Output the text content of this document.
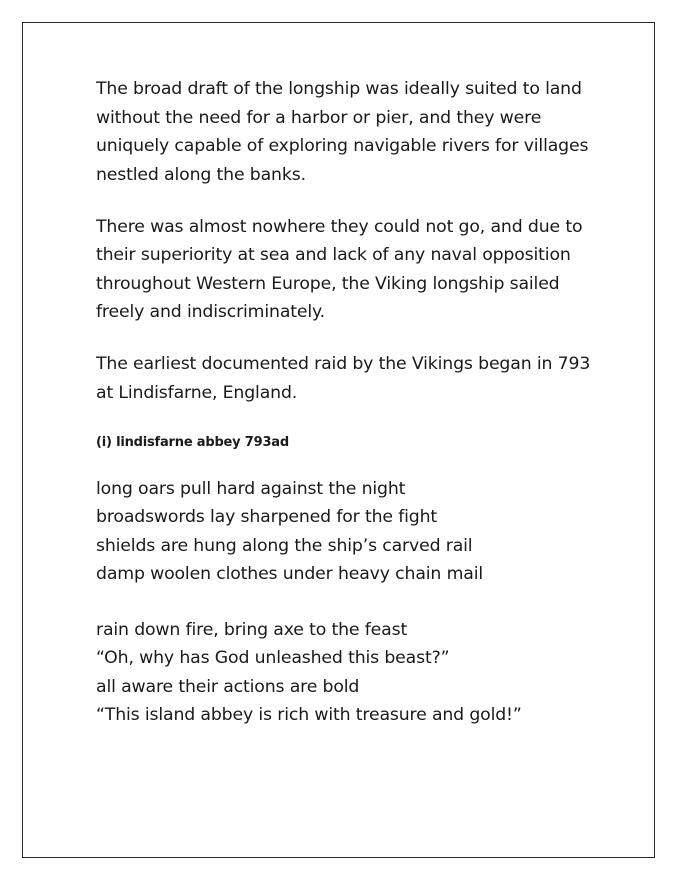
The broad draft of the longship was ideally suited to land without the need for a harbor or pier, and they were uniquely capable of exploring navigable rivers for villages nestled along the banks.

There was almost nowhere they could not go, and due to their superiority at sea and lack of any naval opposition throughout Western Europe, the Viking longship sailed freely and indiscriminately.

The earliest documented raid by the Vikings began in 793 at Lindisfarne, England.

(i) lindisfarne abbey 793ad
long oars pull hard against the night
broadswords lay sharpened for the fight
shields are hung along the ship’s carved rail
damp woolen clothes under heavy chain mail
rain down fire, bring axe to the feast
“Oh, why has God unleashed this beast?”
all aware their actions are bold
“This island abbey is rich with treasure and gold!”
